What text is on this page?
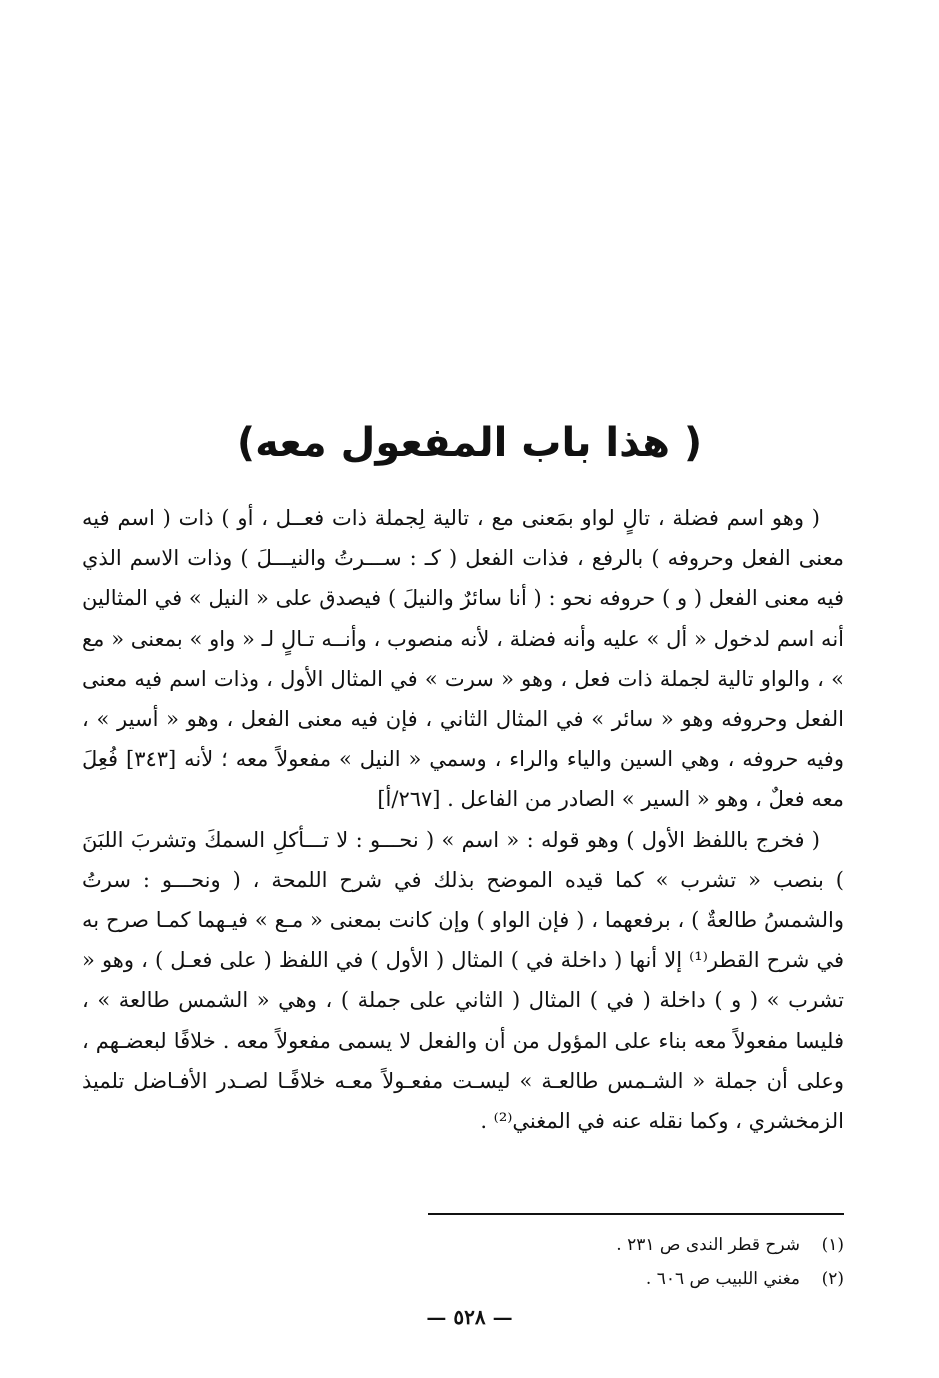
( هذا باب المفعول معه)

( وهو اسم فضلة ، تالٍ لواو بمَعنى مع ، تالية لِجملة ذات فعــل ، أو ) ذات ( اسم فيه معنى الفعل وحروفه ) بالرفع ، فذات الفعل ( كـ : ســـرتُ والنيـــلَ ) وذات الاسم الذي فيه معنى الفعل ( و ) حروفه نحو : ( أنا سائرٌ والنيلَ ) فيصدق على « النيل » في المثالين أنه اسم لدخول « أل » عليه وأنه فضلة ، لأنه منصوب ، وأنــه تـالٍ لـ « واو » بمعنى « مع » ، والواو تالية لجملة ذات فعل ، وهو « سرت » في المثال الأول ، وذات اسم فيه معنى الفعل وحروفه وهو « سائر » في المثال الثاني ، فإن فيه معنى الفعل ، وهو « أسير » ، وفيه حروفه ، وهي السين والياء والراء ، وسمي « النيل » مفعولاً معه ؛ لأنه [٣٤٣] فُعِلَ معه فعلٌ ، وهو « السير » الصادر من الفاعل . [٢٦٧/أ]

( فخرج باللفظ الأول ) وهو قوله : « اسم » ( نحـــو : لا تـــأكلِ السمكَ وتشربَ اللبَنَ ) بنصب « تشرب » كما قيده الموضح بذلك في شرح اللمحة ، ( ونحـــو : سرتُ والشمسُ طالعةٌ ) ، برفعهما ، ( فإن الواو ) وإن كانت بمعنى « مـع » فيـهما كمـا صرح به في شرح القطر⁽¹⁾ إلا أنها ( داخلة في ) المثال ( الأول ) في اللفظ ( على فعـل ) ، وهو « تشرب » ( و ) داخلة ( في ) المثال ( الثاني على جملة ) ، وهي « الشمس طالعة » ، فليسا مفعولاً معه بناء على المؤول من أن والفعل لا يسمى مفعولاً معه . خلافًا لبعضـهم ، وعلى أن جملة « الشـمس طالعـة » ليسـت مفعـولاً معـه خلافًـا لصـدر الأفـاضل تلميذ الزمخشري ، وكما نقله عنه في المغني⁽²⁾ .

(١)
شرح قطر الندى ص ٢٣١ .
(٢)
مغني اللبيب ص ٦٠٦ .
— ٥٢٨ —
